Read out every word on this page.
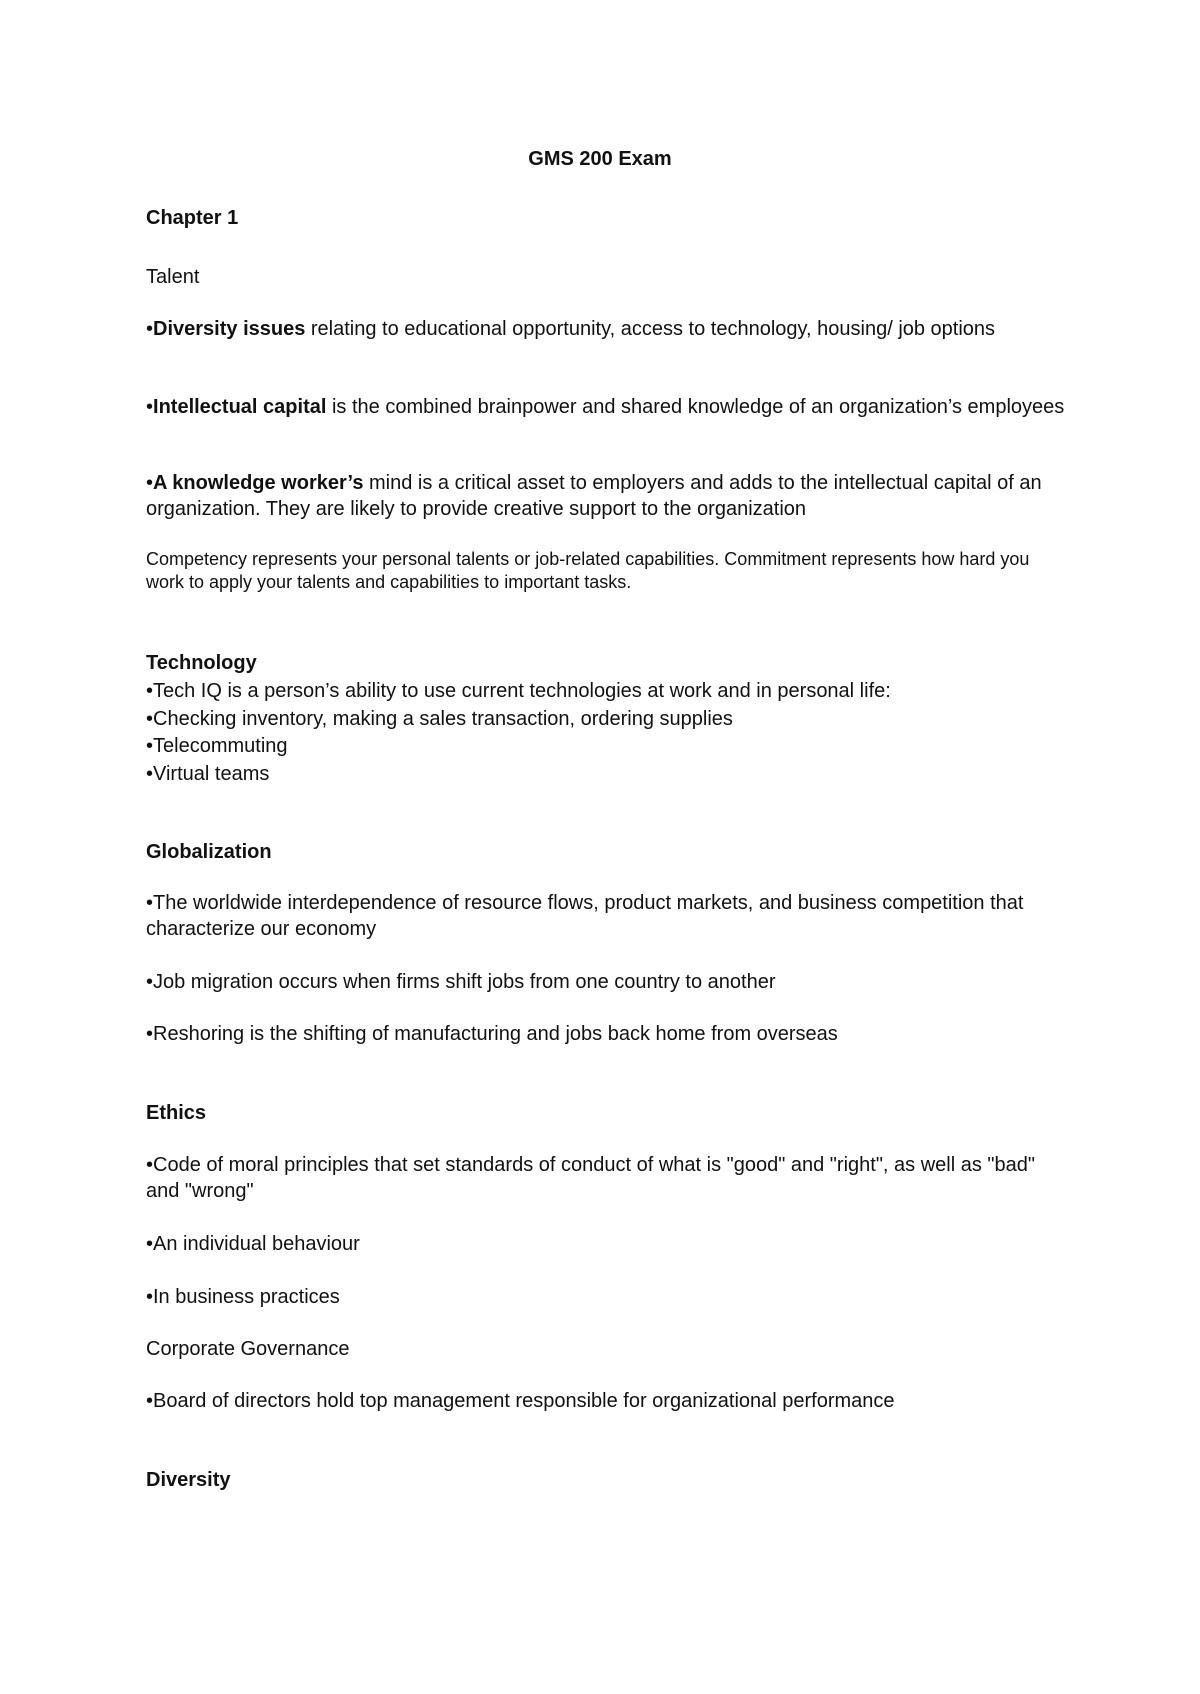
GMS 200 Exam
Chapter 1
Talent
•Diversity issues relating to educational opportunity, access to technology, housing/ job options
•Intellectual capital is the combined brainpower and shared knowledge of an organization’s employees
•A knowledge worker’s mind is a critical asset to employers and adds to the intellectual capital of an organization. They are likely to provide creative support to the organization
Competency represents your personal talents or job-related capabilities. Commitment represents how hard you work to apply your talents and capabilities to important tasks.
Technology
•Tech IQ is a person’s ability to use current technologies at work and in personal life:
•Checking inventory, making a sales transaction, ordering supplies
•Telecommuting
•Virtual teams
Globalization
•The worldwide interdependence of resource flows, product markets, and business competition that characterize our economy
•Job migration occurs when firms shift jobs from one country to another
•Reshoring is the shifting of manufacturing and jobs back home from overseas
Ethics
•Code of moral principles that set standards of conduct of what is "good" and "right", as well as "bad" and "wrong"
•An individual behaviour
•In business practices
Corporate Governance
•Board of directors hold top management responsible for organizational performance
Diversity
